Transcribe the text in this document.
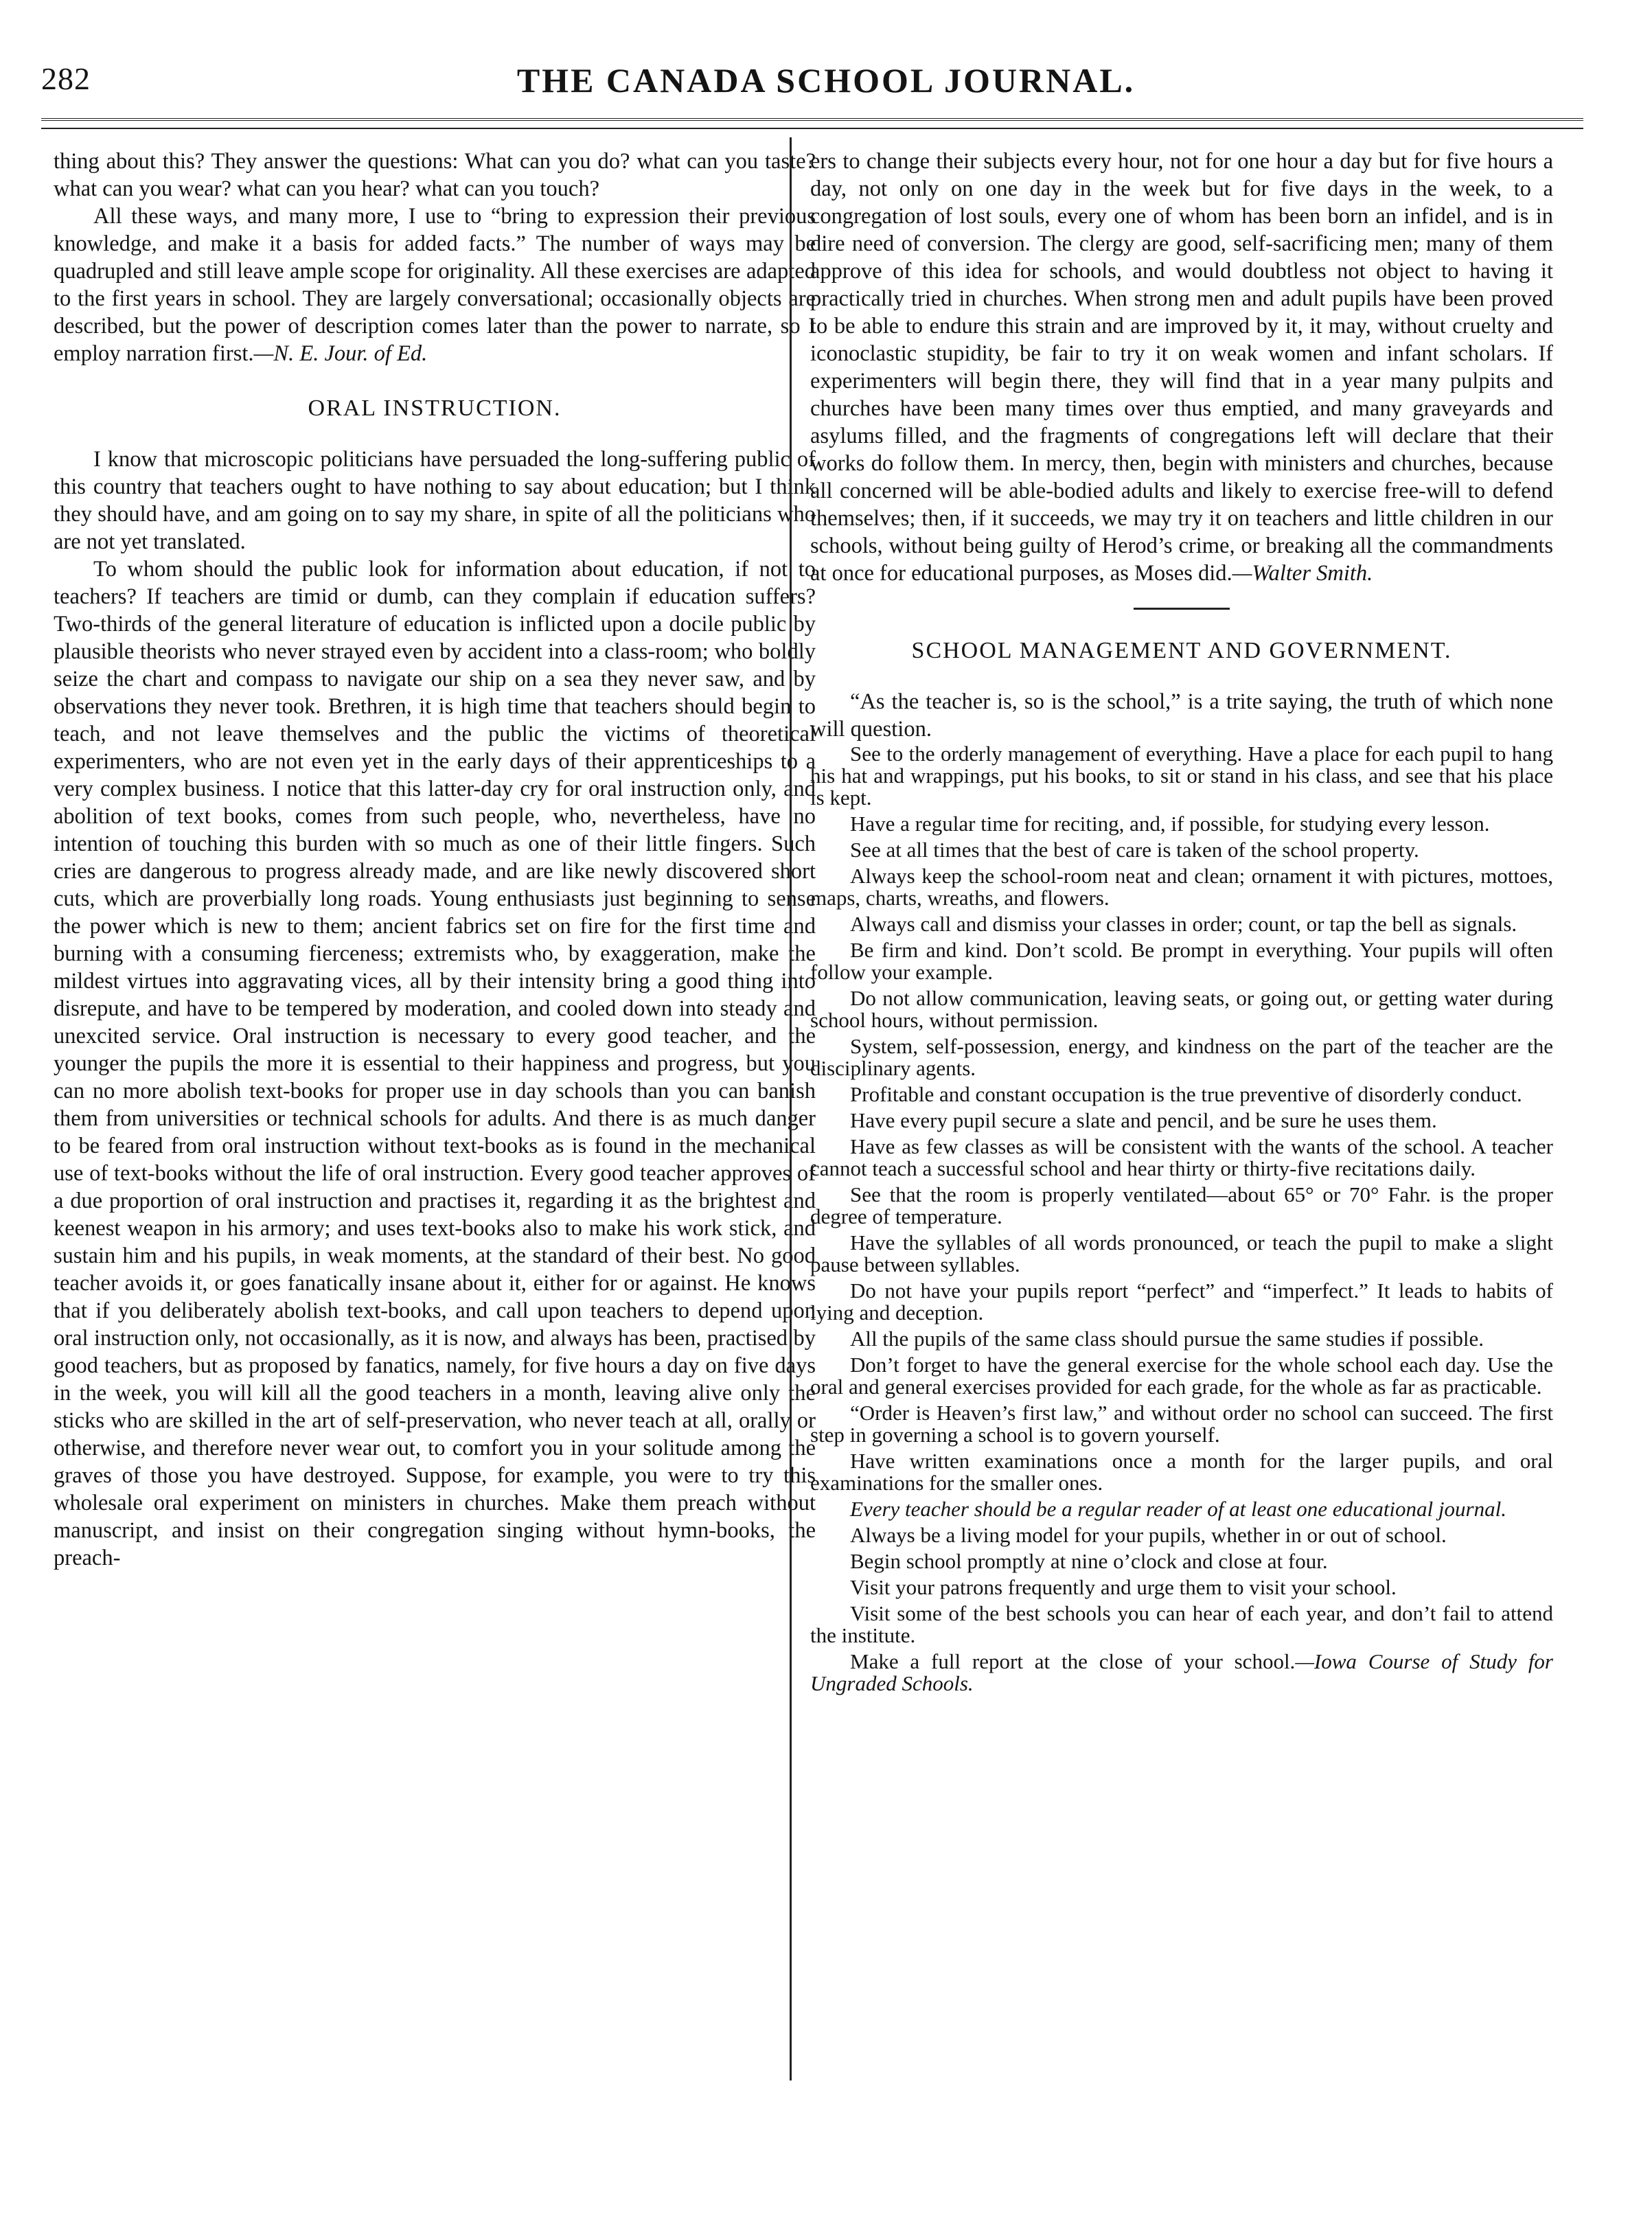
282	THE CANADA SCHOOL JOURNAL.

thing about this? They answer the questions: What can you do? what can you taste? what can you wear? what can you hear? what can you touch?

All these ways, and many more, I use to “bring to expression their previous knowledge, and make it a basis for added facts.” The number of ways may be quadrupled and still leave ample scope for originality. All these exercises are adapted to the first years in school. They are largely conversational; occasionally objects are described, but the power of description comes later than the power to narrate, so I employ narration first.—N. E. Jour. of Ed.

ORAL INSTRUCTION.

I know that microscopic politicians have persuaded the long-suffering public of this country that teachers ought to have nothing to say about education; but I think they should have, and am going on to say my share, in spite of all the politicians who are not yet translated.

To whom should the public look for information about education, if not to teachers? If teachers are timid or dumb, can they complain if education suffers? Two-thirds of the general literature of education is inflicted upon a docile public by plausible theorists who never strayed even by accident into a class-room; who boldly seize the chart and compass to navigate our ship on a sea they never saw, and by observations they never took. Brethren, it is high time that teachers should begin to teach, and not leave themselves and the public the victims of theoretical experimenters, who are not even yet in the early days of their apprenticeships to a very complex business. I notice that this latter-day cry for oral instruction only, and abolition of text books, comes from such people, who, nevertheless, have no intention of touching this burden with so much as one of their little fingers. Such cries are dangerous to progress already made, and are like newly discovered short cuts, which are proverbially long roads. Young enthusiasts just beginning to sense the power which is new to them; ancient fabrics set on fire for the first time and burning with a consuming fierceness; extremists who, by exaggeration, make the mildest virtues into aggravating vices, all by their intensity bring a good thing into disrepute, and have to be tempered by moderation, and cooled down into steady and unexcited service. Oral instruction is necessary to every good teacher, and the younger the pupils the more it is essential to their happiness and progress, but you can no more abolish text-books for proper use in day schools than you can banish them from universities or technical schools for adults. And there is as much danger to be feared from oral instruction without text-books as is found in the mechanical use of text-books without the life of oral instruction. Every good teacher approves of a due proportion of oral instruction and practises it, regarding it as the brightest and keenest weapon in his armory; and uses text-books also to make his work stick, and sustain him and his pupils, in weak moments, at the standard of their best. No good teacher avoids it, or goes fanatically insane about it, either for or against. He knows that if you deliberately abolish text-books, and call upon teachers to depend upon oral instruction only, not occasionally, as it is now, and always has been, practised by good teachers, but as proposed by fanatics, namely, for five hours a day on five days in the week, you will kill all the good teachers in a month, leaving alive only the sticks who are skilled in the art of self-preservation, who never teach at all, orally or otherwise, and therefore never wear out, to comfort you in your solitude among the graves of those you have destroyed. Suppose, for example, you were to try this wholesale oral experiment on ministers in churches. Make them preach without manuscript, and insist on their congregation singing without hymn-books, the preach-

ers to change their subjects every hour, not for one hour a day but for five hours a day, not only on one day in the week but for five days in the week, to a congregation of lost souls, every one of whom has been born an infidel, and is in dire need of conversion. The clergy are good, self-sacrificing men; many of them approve of this idea for schools, and would doubtless not object to having it practically tried in churches. When strong men and adult pupils have been proved to be able to endure this strain and are improved by it, it may, without cruelty and iconoclastic stupidity, be fair to try it on weak women and infant scholars. If experimenters will begin there, they will find that in a year many pulpits and churches have been many times over thus emptied, and many graveyards and asylums filled, and the fragments of congregations left will declare that their works do follow them. In mercy, then, begin with ministers and churches, because all concerned will be able-bodied adults and likely to exercise free-will to defend themselves; then, if it succeeds, we may try it on teachers and little children in our schools, without being guilty of Herod’s crime, or breaking all the commandments at once for educational purposes, as Moses did.—Walter Smith.

SCHOOL MANAGEMENT AND GOVERNMENT.

“As the teacher is, so is the school,” is a trite saying, the truth of which none will question.

See to the orderly management of everything. Have a place for each pupil to hang his hat and wrappings, put his books, to sit or stand in his class, and see that his place is kept.

Have a regular time for reciting, and, if possible, for studying every lesson.

See at all times that the best of care is taken of the school property.

Always keep the school-room neat and clean; ornament it with pictures, mottoes, maps, charts, wreaths, and flowers.

Always call and dismiss your classes in order; count, or tap the bell as signals.

Be firm and kind. Don’t scold. Be prompt in everything. Your pupils will often follow your example.

Do not allow communication, leaving seats, or going out, or getting water during school hours, without permission.

System, self-possession, energy, and kindness on the part of the teacher are the disciplinary agents.

Profitable and constant occupation is the true preventive of disorderly conduct.

Have every pupil secure a slate and pencil, and be sure he uses them.

Have as few classes as will be consistent with the wants of the school. A teacher cannot teach a successful school and hear thirty or thirty-five recitations daily.

See that the room is properly ventilated—about 65° or 70° Fahr. is the proper degree of temperature.

Have the syllables of all words pronounced, or teach the pupil to make a slight pause between syllables.

Do not have your pupils report “perfect” and “imperfect.” It leads to habits of lying and deception.

All the pupils of the same class should pursue the same studies if possible.

Don’t forget to have the general exercise for the whole school each day. Use the oral and general exercises provided for each grade, for the whole as far as practicable.

“Order is Heaven’s first law,” and without order no school can succeed. The first step in governing a school is to govern yourself.

Have written examinations once a month for the larger pupils, and oral examinations for the smaller ones.

Every teacher should be a regular reader of at least one educational journal.

Always be a living model for your pupils, whether in or out of school.

Begin school promptly at nine o’clock and close at four.

Visit your patrons frequently and urge them to visit your school.

Visit some of the best schools you can hear of each year, and don’t fail to attend the institute.

Make a full report at the close of your school.—Iowa Course of Study for Ungraded Schools.
